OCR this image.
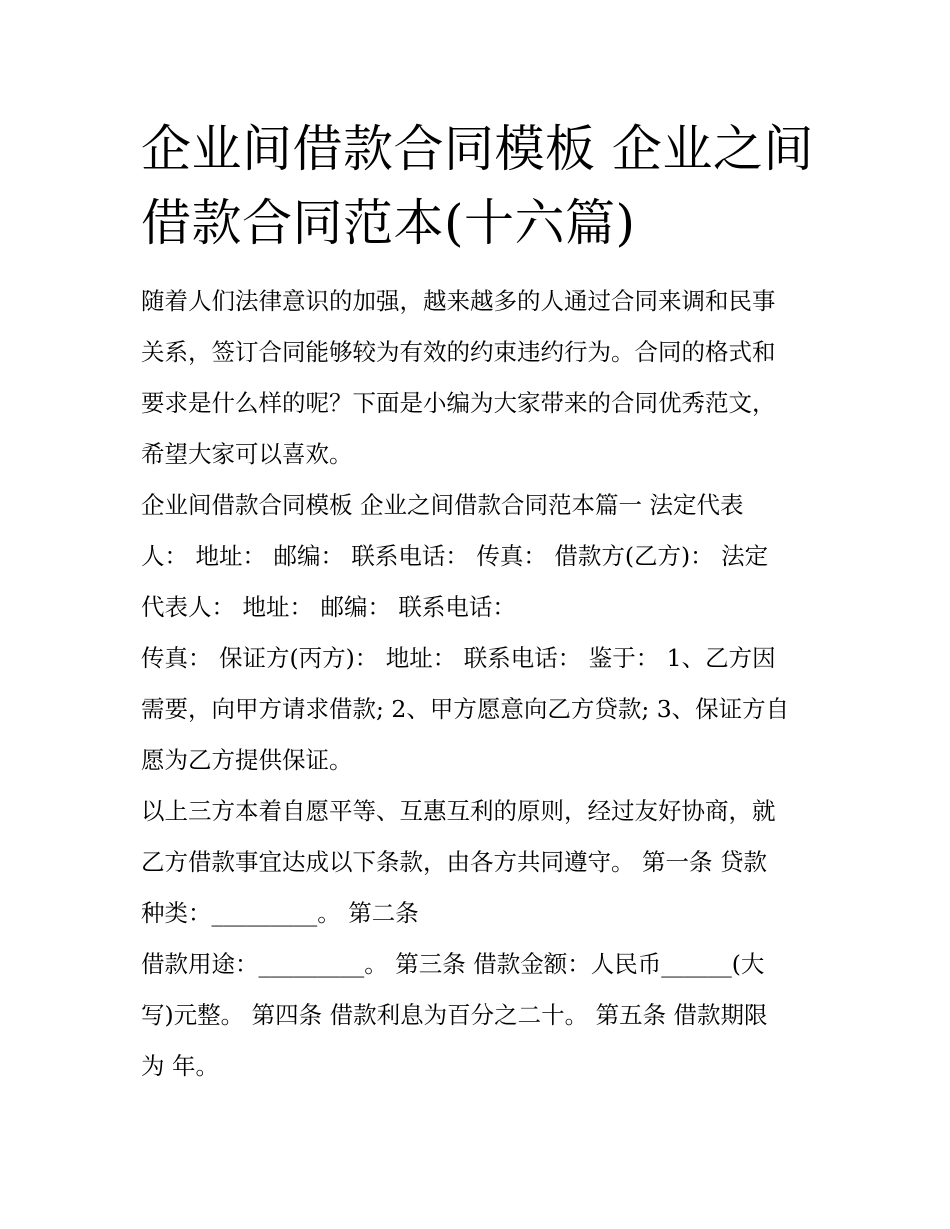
企业间借款合同模板 企业之间
借款合同范本(十六篇)

随着人们法律意识的加强，越来越多的人通过合同来调和民事
关系，签订合同能够较为有效的约束违约行为。合同的格式和
要求是什么样的呢？下面是小编为大家带来的合同优秀范文，
希望大家可以喜欢。

企业间借款合同模板 企业之间借款合同范本篇一 法定代表
人： 地址： 邮编： 联系电话： 传真： 借款方(乙方)： 法定
代表人： 地址： 邮编： 联系电话：

传真： 保证方(丙方)： 地址： 联系电话： 鉴于： 1、乙方因
需要，向甲方请求借款; 2、甲方愿意向乙方贷款; 3、保证方自
愿为乙方提供保证。

以上三方本着自愿平等、互惠互利的原则，经过友好协商，就
乙方借款事宜达成以下条款，由各方共同遵守。 第一条 贷款
种类：_________。 第二条

借款用途：_________。 第三条 借款金额：人民币______(大
写)元整。 第四条 借款利息为百分之二十。 第五条 借款期限
为 年。
